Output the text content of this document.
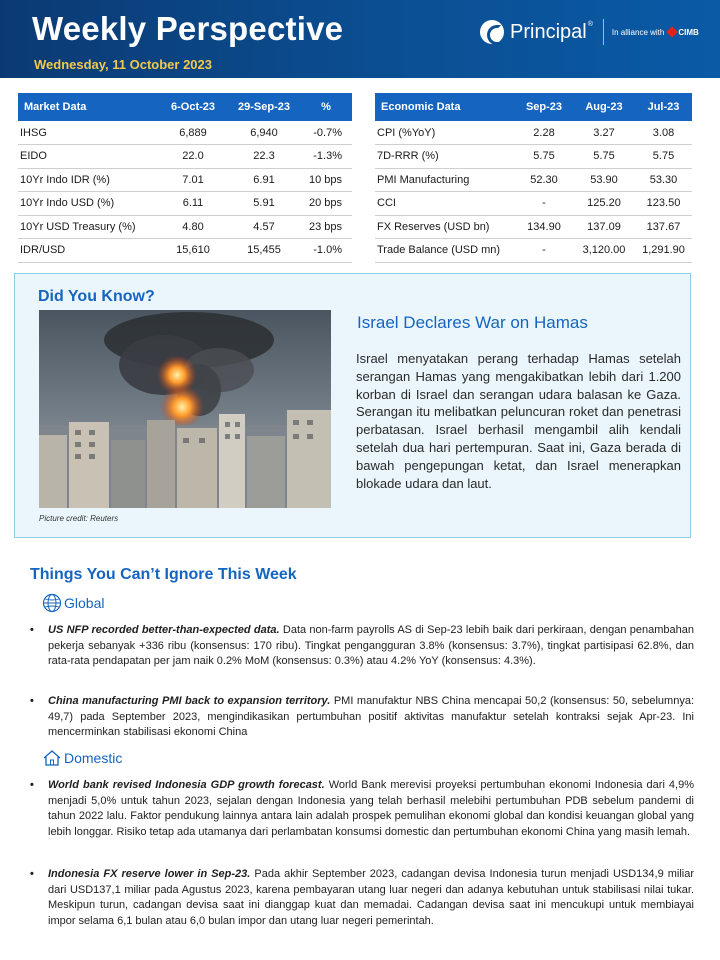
Weekly Perspective
Wednesday, 11 October 2023
Principal®
In alliance with CIMB
Market Data	6-Oct-23	29-Sep-23	%
IHSG	6,889	6,940	-0.7%
EIDO	22.0	22.3	-1.3%
10Yr Indo IDR (%)	7.01	6.91	10 bps
10Yr Indo USD (%)	6.11	5.91	20 bps
10Yr USD Treasury (%)	4.80	4.57	23 bps
IDR/USD	15,610	15,455	-1.0%
Economic Data	Sep-23	Aug-23	Jul-23
CPI (%YoY)	2.28	3.27	3.08
7D-RRR (%)	5.75	5.75	5.75
PMI Manufacturing	52.30	53.90	53.30
CCI	-	125.20	123.50
FX Reserves (USD bn)	134.90	137.09	137.67
Trade Balance (USD mn)	-	3,120.00	1,291.90
Did You Know?
Picture credit: Reuters
Israel Declares War on Hamas
Israel menyatakan perang terhadap Hamas setelah serangan Hamas yang mengakibatkan lebih dari 1.200 korban di Israel dan serangan udara balasan ke Gaza. Serangan itu melibatkan peluncuran roket dan penetrasi perbatasan. Israel berhasil mengambil alih kendali setelah dua hari pertempuran. Saat ini, Gaza berada di bawah pengepungan ketat, dan Israel menerapkan blokade udara dan laut.
Things You Can’t Ignore This Week
Global
• US NFP recorded better-than-expected data. Data non-farm payrolls AS di Sep-23 lebih baik dari perkiraan, dengan penambahan pekerja sebanyak +336 ribu (konsensus: 170 ribu). Tingkat pengangguran 3.8% (konsensus: 3.7%), tingkat partisipasi 62.8%, dan rata-rata pendapatan per jam naik 0.2% MoM (konsensus: 0.3%) atau 4.2% YoY (konsensus: 4.3%).
• China manufacturing PMI back to expansion territory. PMI manufaktur NBS China mencapai 50,2 (konsensus: 50, sebelumnya: 49,7) pada September 2023, mengindikasikan pertumbuhan positif aktivitas manufaktur setelah kontraksi sejak Apr-23. Ini mencerminkan stabilisasi ekonomi China
Domestic
• World bank revised Indonesia GDP growth forecast. World Bank merevisi proyeksi pertumbuhan ekonomi Indonesia dari 4,9% menjadi 5,0% untuk tahun 2023, sejalan dengan Indonesia yang telah berhasil melebihi pertumbuhan PDB sebelum pandemi di tahun 2022 lalu. Faktor pendukung lainnya antara lain adalah prospek pemulihan ekonomi global dan kondisi keuangan global yang lebih longgar. Risiko tetap ada utamanya dari perlambatan konsumsi domestic dan pertumbuhan ekonomi China yang masih lemah.
• Indonesia FX reserve lower in Sep-23. Pada akhir September 2023, cadangan devisa Indonesia turun menjadi USD134,9 miliar dari USD137,1 miliar pada Agustus 2023, karena pembayaran utang luar negeri dan adanya kebutuhan untuk stabilisasi nilai tukar. Meskipun turun, cadangan devisa saat ini dianggap kuat dan memadai. Cadangan devisa saat ini mencukupi untuk membiayai impor selama 6,1 bulan atau 6,0 bulan impor dan utang luar negeri pemerintah.
